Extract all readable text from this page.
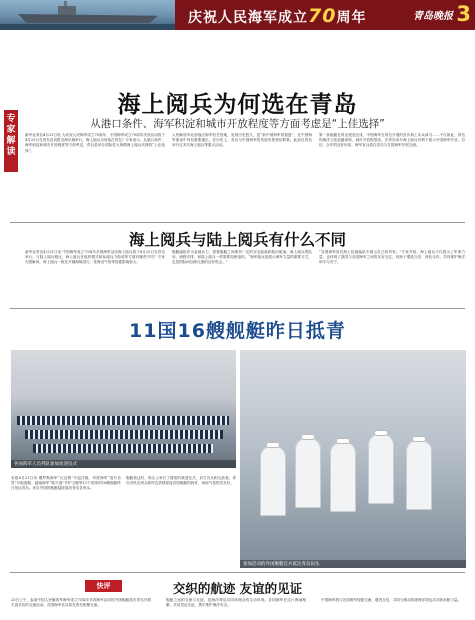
庆祝人民海军成立70周年	青岛晚报 3
海上阅兵为何选在青岛
从港口条件、海军积淀和城市开放程度等方面考虑是“上佳选择”
专家解读
新华社青岛4月21日电 为庆祝人民海军成立70周年，中国海军成立70周年庆祝活动将于4月23日在青岛及其附近海空域举行。海上阅兵为何选在青岛？专家表示，从港口条件、海军积淀和城市开放程度等方面考虑，青岛是举办国际性大规模海上阅兵庆典的“上佳选择”。
人民解放军北部战区海军机关驻地，发展历史悠久，是“新中国海军的摇篮”，在中国海军建设中具有重要地位。在历史上，青岛与中国海军的发展有着密切联系。此前在青岛举行过多次海上阅兵等重大活动。
第一条舰艇在青岛建造完成，中国海军在青岛开展的首次海上实兵演习……不仅如此，青岛的海洋文化底蕴深厚，城市开放程度高，在青岛举办海上阅兵有利于展示中国海军开放、自信、合作的良好形象，海军官兵将在青岛与各国海军开展交流。
海上阅兵与陆上阅兵有什么不同
新华社青岛4月21日电 中国海军成立70周年多国海军活动海上阅兵将于4月23日在青岛举行。与陆上阅兵相比，海上阅兵在组织模式和参阅兵力构成等方面有哪些不同？专家为您解读。海上阅兵一般在开阔海域进行，受海况气象等因素影响较大。
舰艇编队作为参阅兵力，需要舰艇之间保持一定的安全距离和航向航速。海上阅兵的队形、流程安排，和陆上阅兵一样需要周密组织。“海军阅兵是展示海军力量的重要方式，也是国际间加深交流的良好机会。”
“各国海军将在海上检阅编队中展示自己的风采。”专家介绍，海上阅兵不仅展示了军事力量，也体现了我国与各国海军之间的友好交往，有助于增进互信、深化合作，共同维护海洋和平与安宁。
11国16艘舰艇昨日抵青
各国海军人员列队参加欢迎仪式
参加活动的外国舰艇官兵抵达青岛码头
本报4月21日讯 俄罗斯海军“瓦良格”号巡洋舰、印度海军“加尔各答”号驱逐舰、越南海军“陈兴道”号护卫舰等11个国家的16艘舰艇昨日抵达青岛。来自外国的舰艇陆续靠泊青岛各码头。
舰艇抵达时，码头上举行了简短的欢迎仪式，双方官兵相互致意。青岛市民在码头和岸边热情迎接各国舰艇的到来，现场气氛热烈友好。
快评	交织的航迹 友谊的见证
23日上午，参加中国人民解放军海军成立70周年多国海军活动的外国舰艇将在青岛开展丰富多彩的交流活动。各国海军官兵将在青岛相聚交流。
舰艇之间的交流与友谊，是海洋命运共同体理念的生动体现。各国海军在这片海域相聚，共同见证友谊，携手维护海洋安全。
中国海军愿与各国海军加强交流，增进互信，共同为推动构建海洋命运共同体贡献力量。
